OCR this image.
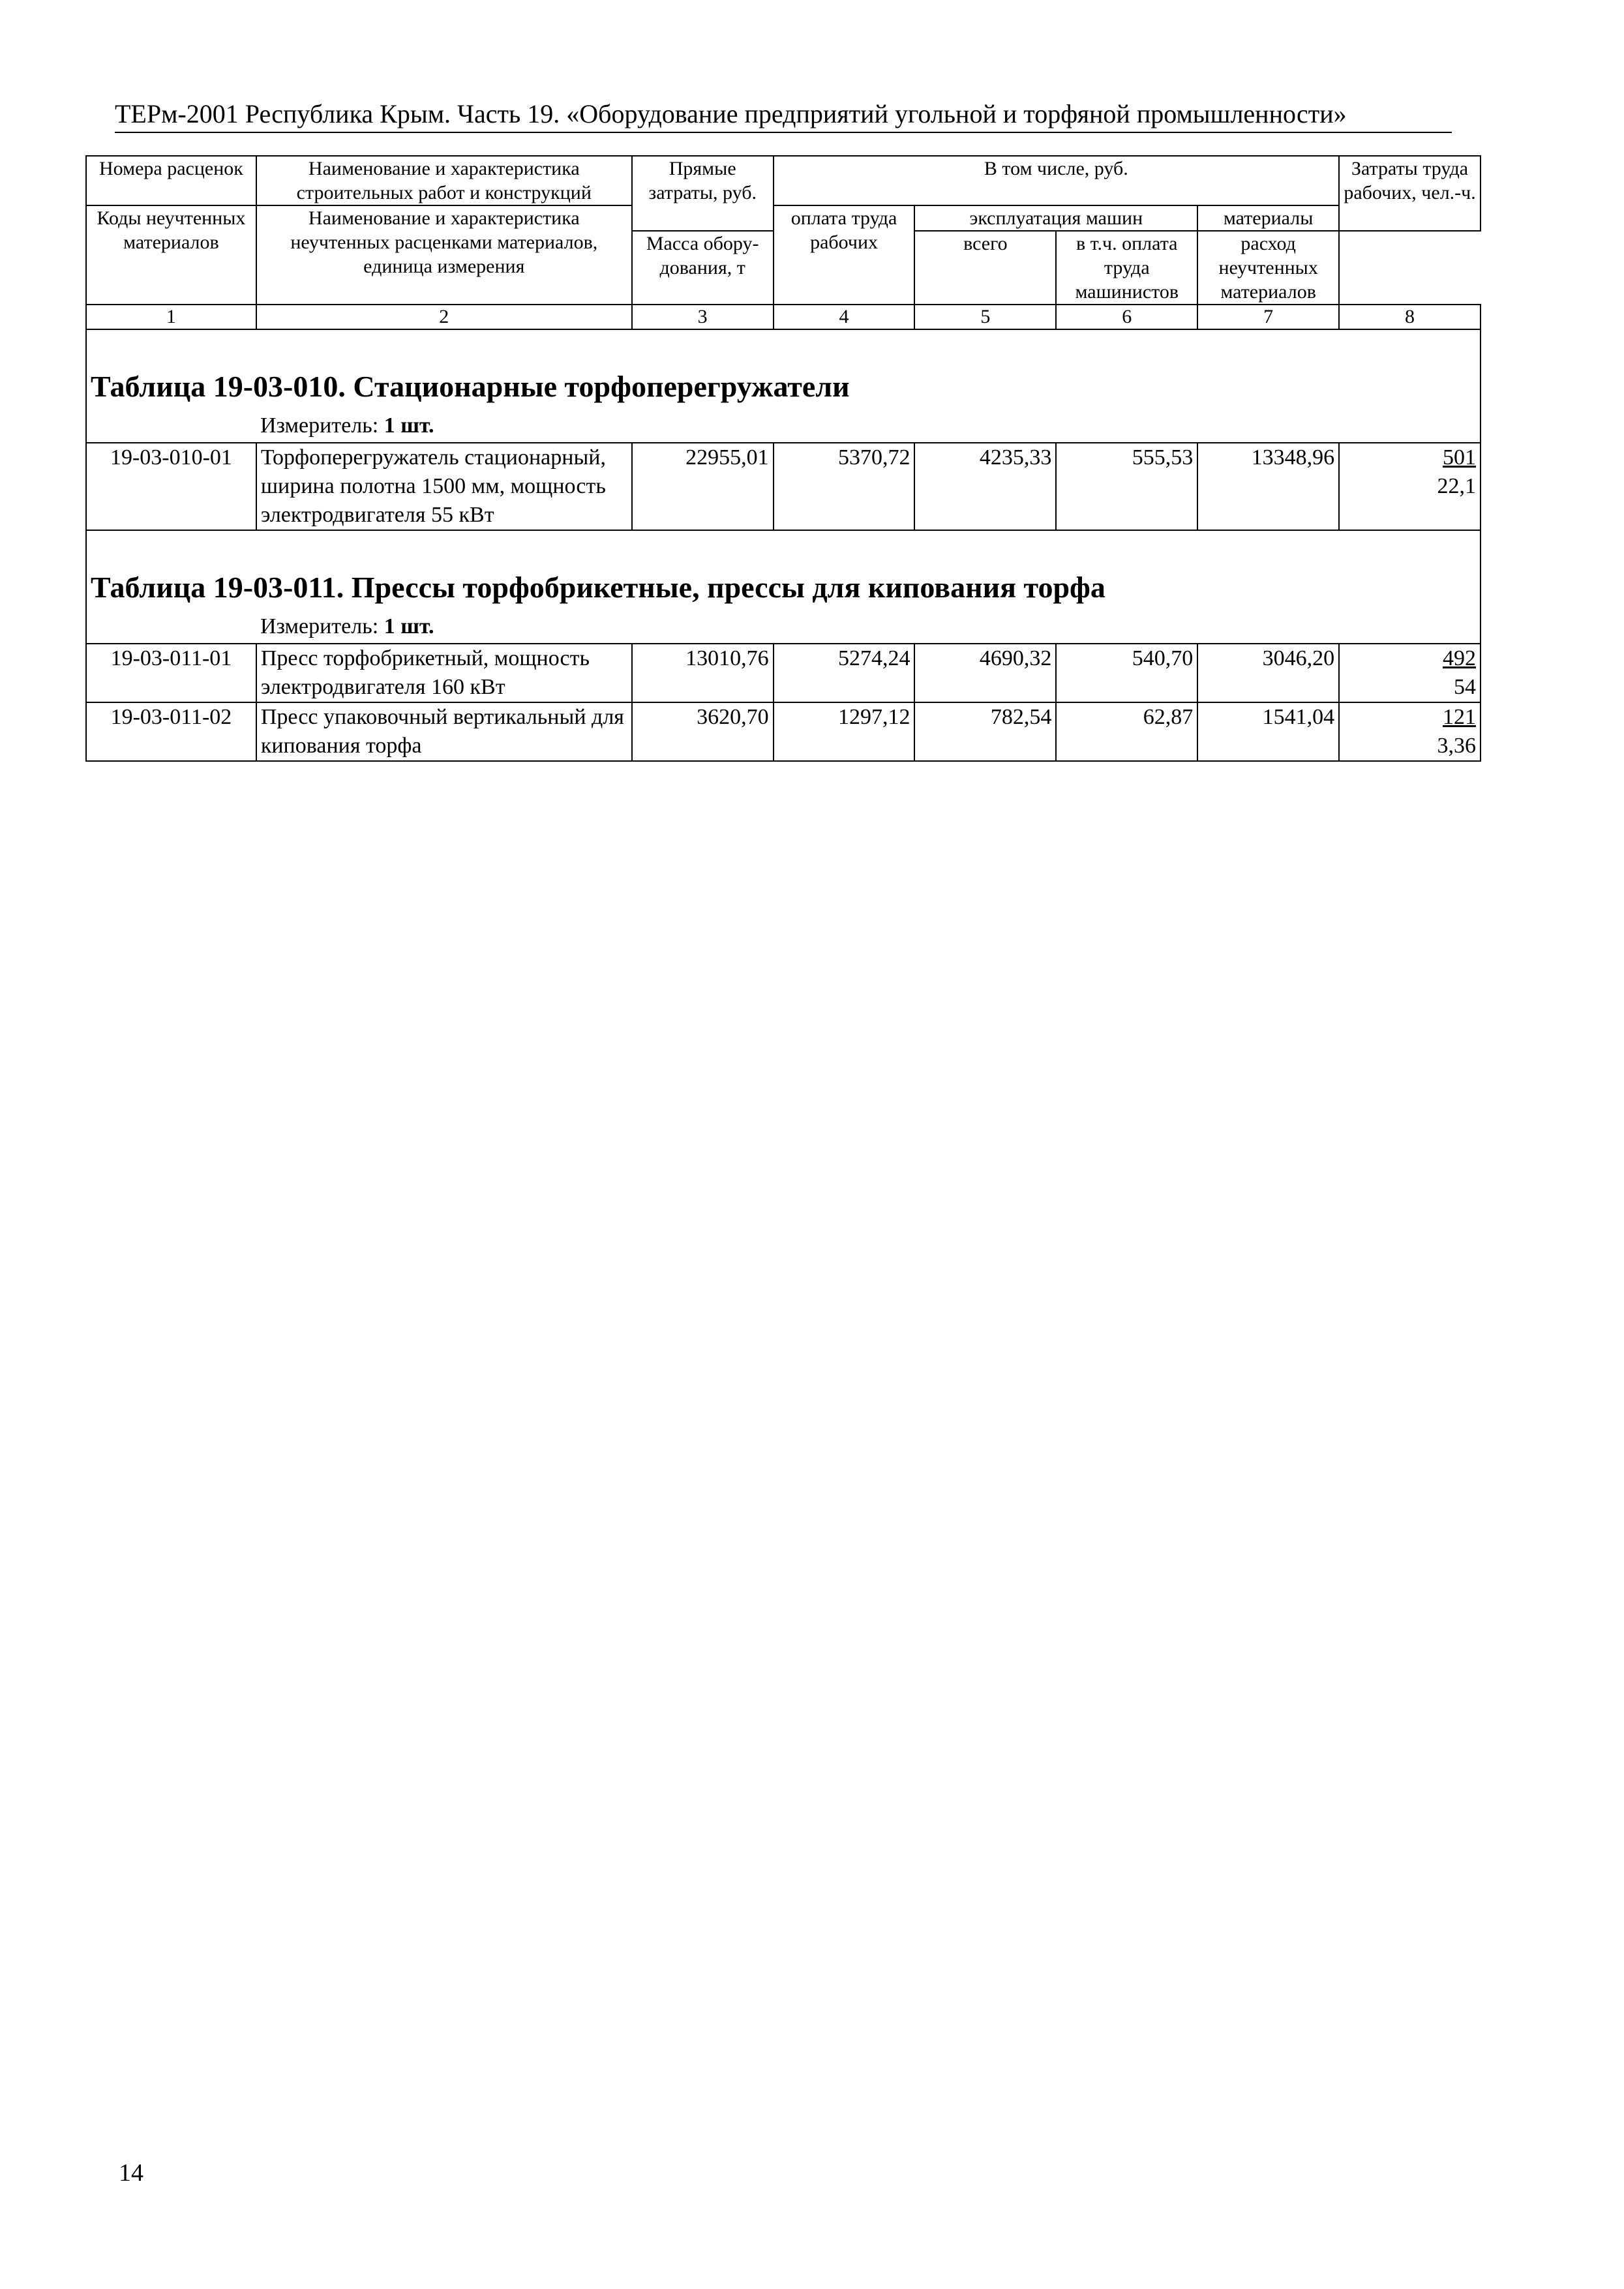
ТЕРм-2001 Республика Крым. Часть 19. «Оборудование предприятий угольной и торфяной промышленности»
Номера расценок	Наименование и характеристика строительных работ и конструкций	Прямые затраты, руб.	В том числе, руб.				Затраты труда рабочих, чел.-ч.
Коды неучтенных материалов	Наименование и характеристика неучтенных расценками материалов, единица измерения		оплата труда рабочих	эксплуатация машин		материалы	
				всего	в т.ч. оплата труда машинистов	расход неучтенных материалов	
		Масса обору-дования, т					
1	2	3	4	5	6	7	8

Таблица 19-03-010. Стационарные торфоперегружатели
Измеритель: 1 шт.							

19-03-010-01	Торфоперегружатель стационарный, ширина полотна 1500 мм, мощность электродвигателя 55 кВт	22955,01	5370,72	4235,33	555,53	13348,96	501
22,1

Таблица 19-03-011. Прессы торфобрикетные, прессы для кипования торфа
Измеритель: 1 шт.							

19-03-011-01	Пресс торфобрикетный, мощность электродвигателя 160 кВт	13010,76	5274,24	4690,32	540,70	3046,20	492
54

19-03-011-02	Пресс упаковочный вертикальный для кипования торфа	3620,70	1297,12	782,54	62,87	1541,04	121
3,36
14
